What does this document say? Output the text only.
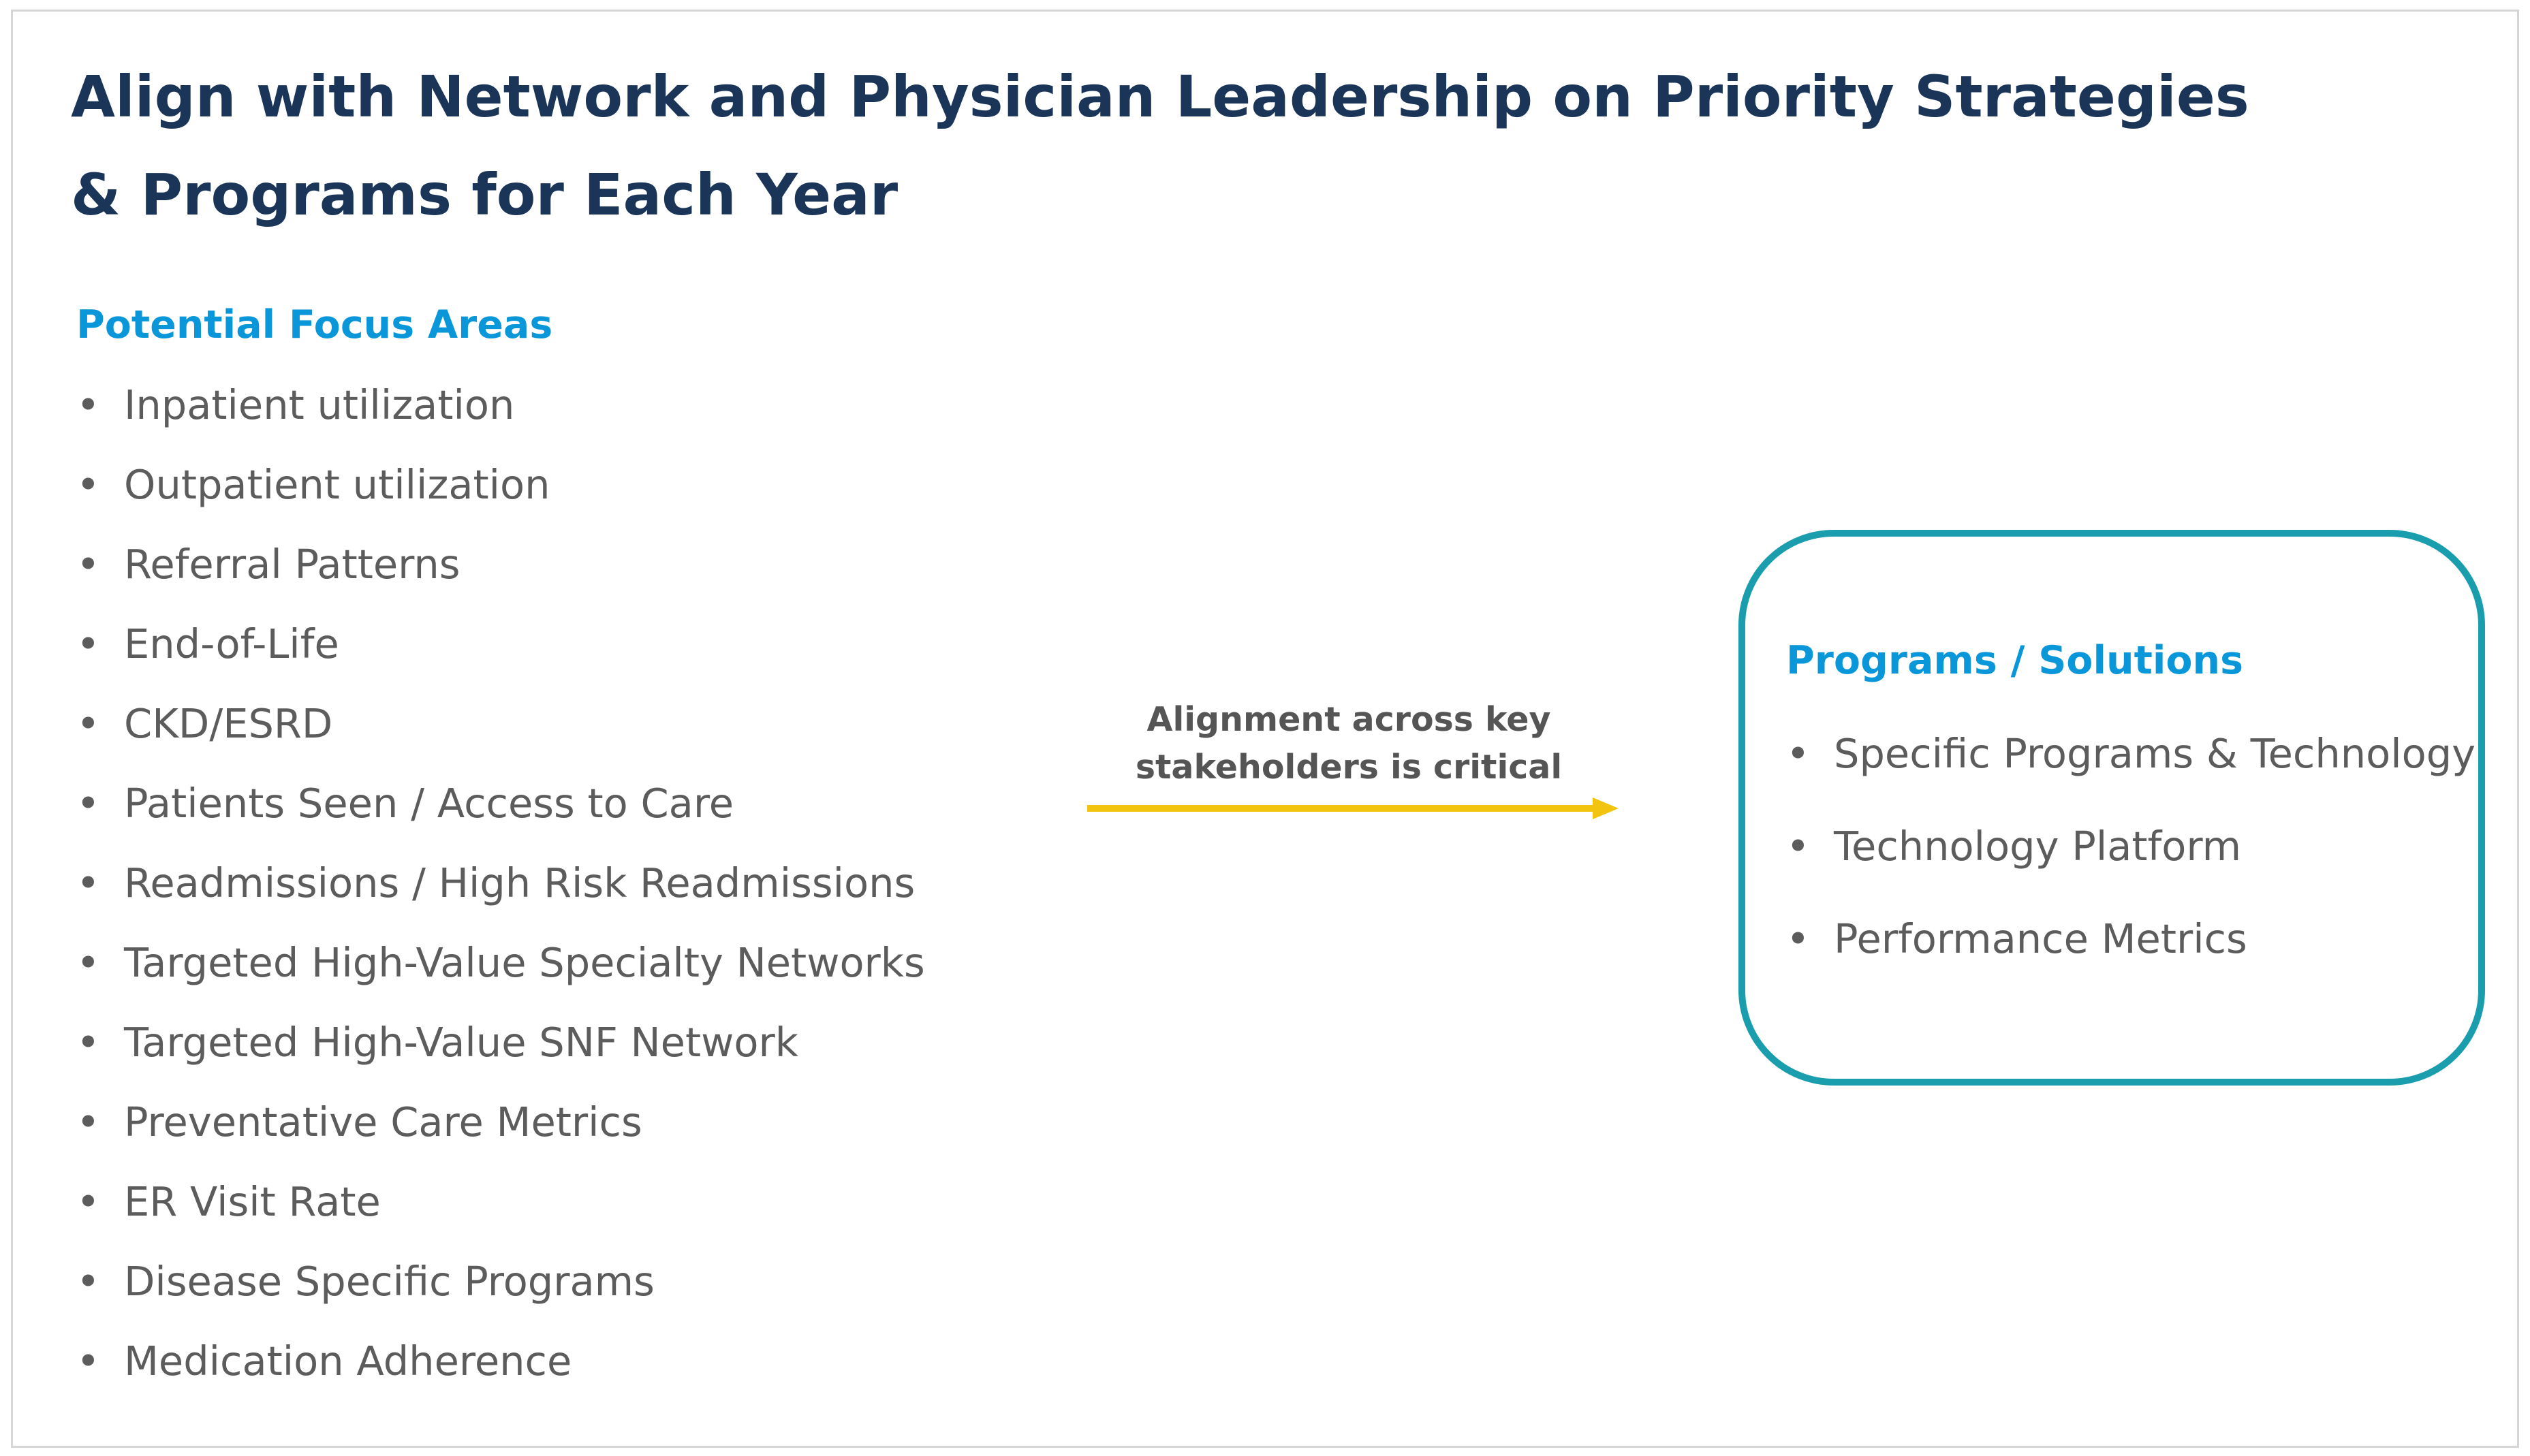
Align with Network and Physician Leadership on Priority Strategies & Programs for Each Year
Potential Focus Areas
• Inpatient utilization
• Outpatient utilization
• Referral Patterns
• End-of-Life
• CKD/ESRD
• Patients Seen / Access to Care
• Readmissions / High Risk Readmissions
• Targeted High-Value Specialty Networks
• Targeted High-Value SNF Network
• Preventative Care Metrics
• ER Visit Rate
• Disease Specific Programs
• Medication Adherence
Alignment across key
stakeholders is critical
Programs / Solutions
• Specific Programs & Technology
• Technology Platform
• Performance Metrics
